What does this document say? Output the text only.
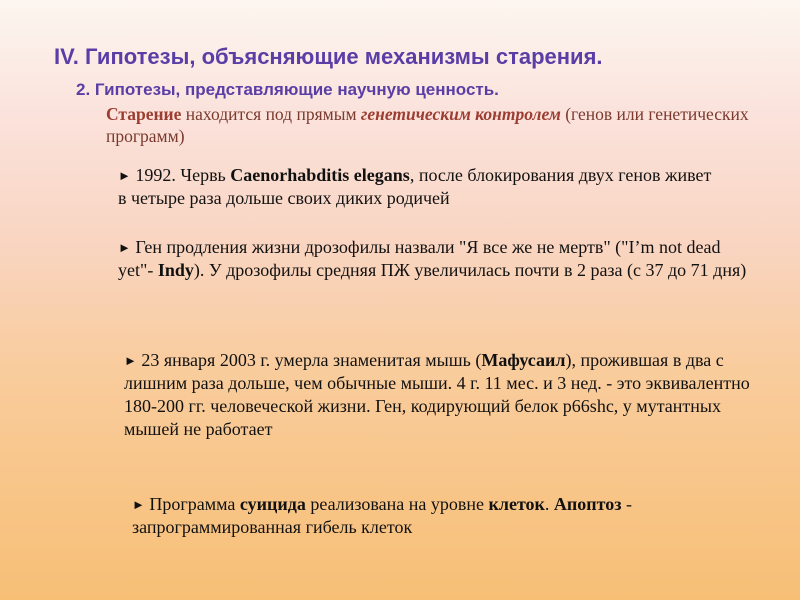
IV. Гипотезы, объясняющие механизмы старения.
2. Гипотезы, представляющие научную ценность.

Старение находится под прямым генетическим контролем (генов или генетических программ)

► 1992. Червь Caenorhabditis elegans, после блокирования двух генов живет в четыре раза дольше своих диких родичей

► Ген продления жизни дрозофилы назвали "Я все же не мертв" ("I’m not dead yet"- Indy). У дрозофилы средняя ПЖ увеличилась почти в 2 раза (с 37 до 71 дня)

► 23 января 2003 г. умерла знаменитая мышь (Мафусаил), прожившая в два с лишним раза дольше, чем обычные мыши. 4 г. 11 мес. и 3 нед. - это эквивалентно 180-200 гг. человеческой жизни. Ген, кодирующий белок p66shc, у мутантных мышей не работает

► Программа суицида реализована на уровне клеток. Апоптоз - запрограммированная гибель клеток
